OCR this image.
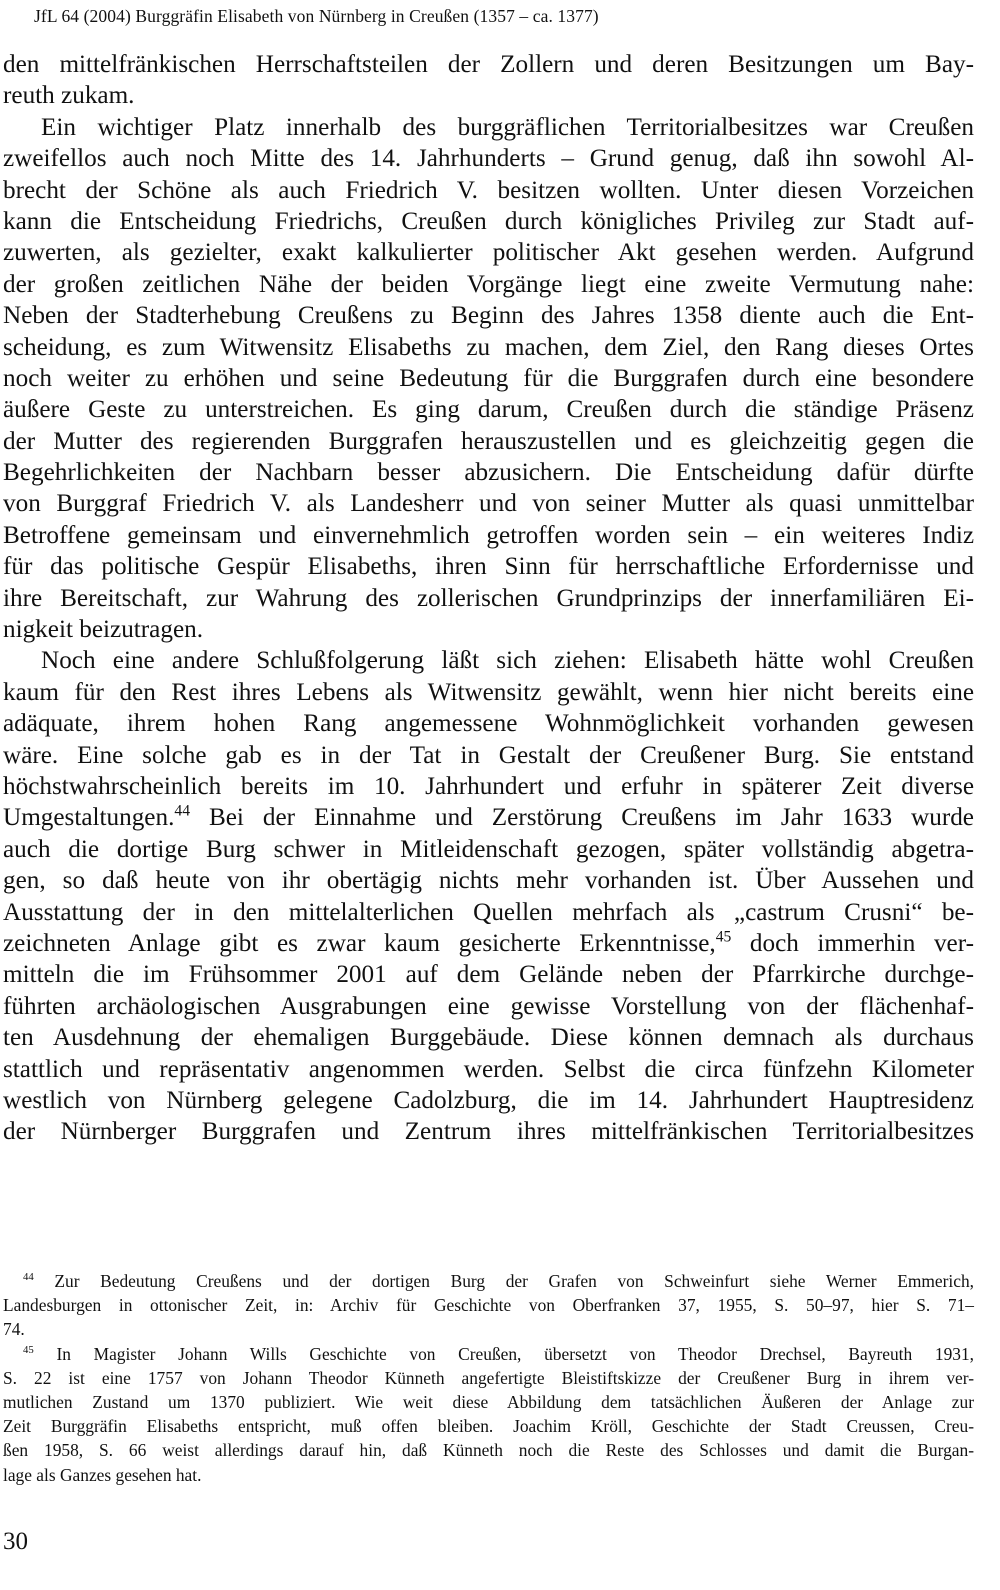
JfL 64 (2004) Burggräfin Elisabeth von Nürnberg in Creußen (1357 – ca. 1377)
den mittelfränkischen Herrschaftsteilen der Zollern und deren Besitzungen um Bay-
reuth zukam.
Ein wichtiger Platz innerhalb des burggräflichen Territorialbesitzes war Creußen
zweifellos auch noch Mitte des 14. Jahrhunderts – Grund genug, daß ihn sowohl Al-
brecht der Schöne als auch Friedrich V. besitzen wollten. Unter diesen Vorzeichen
kann die Entscheidung Friedrichs, Creußen durch königliches Privileg zur Stadt auf-
zuwerten, als gezielter, exakt kalkulierter politischer Akt gesehen werden. Aufgrund
der großen zeitlichen Nähe der beiden Vorgänge liegt eine zweite Vermutung nahe:
Neben der Stadterhebung Creußens zu Beginn des Jahres 1358 diente auch die Ent-
scheidung, es zum Witwensitz Elisabeths zu machen, dem Ziel, den Rang dieses Ortes
noch weiter zu erhöhen und seine Bedeutung für die Burggrafen durch eine besondere
äußere Geste zu unterstreichen. Es ging darum, Creußen durch die ständige Präsenz
der Mutter des regierenden Burggrafen herauszustellen und es gleichzeitig gegen die
Begehrlichkeiten der Nachbarn besser abzusichern. Die Entscheidung dafür dürfte
von Burggraf Friedrich V. als Landesherr und von seiner Mutter als quasi unmittelbar
Betroffene gemeinsam und einvernehmlich getroffen worden sein – ein weiteres Indiz
für das politische Gespür Elisabeths, ihren Sinn für herrschaftliche Erfordernisse und
ihre Bereitschaft, zur Wahrung des zollerischen Grundprinzips der innerfamiliären Ei-
nigkeit beizutragen.
Noch eine andere Schlußfolgerung läßt sich ziehen: Elisabeth hätte wohl Creußen
kaum für den Rest ihres Lebens als Witwensitz gewählt, wenn hier nicht bereits eine
adäquate, ihrem hohen Rang angemessene Wohnmöglichkeit vorhanden gewesen
wäre. Eine solche gab es in der Tat in Gestalt der Creußener Burg. Sie entstand
höchstwahrscheinlich bereits im 10. Jahrhundert und erfuhr in späterer Zeit diverse
Umgestaltungen.$^{44}$ Bei der Einnahme und Zerstörung Creußens im Jahr 1633 wurde
auch die dortige Burg schwer in Mitleidenschaft gezogen, später vollständig abgetra-
gen, so daß heute von ihr obertägig nichts mehr vorhanden ist. Über Aussehen und
Ausstattung der in den mittelalterlichen Quellen mehrfach als „castrum Crusni“ be-
zeichneten Anlage gibt es zwar kaum gesicherte Erkenntnisse,$^{45}$ doch immerhin ver-
mitteln die im Frühsommer 2001 auf dem Gelände neben der Pfarrkirche durchge-
führten archäologischen Ausgrabungen eine gewisse Vorstellung von der flächenhaf-
ten Ausdehnung der ehemaligen Burggebäude. Diese können demnach als durchaus
stattlich und repräsentativ angenommen werden. Selbst die circa fünfzehn Kilometer
westlich von Nürnberg gelegene Cadolzburg, die im 14. Jahrhundert Hauptresidenz
der Nürnberger Burggrafen und Zentrum ihres mittelfränkischen Territorialbesitzes
$^{44}$ Zur Bedeutung Creußens und der dortigen Burg der Grafen von Schweinfurt siehe Werner Emmerich,
Landesburgen in ottonischer Zeit, in: Archiv für Geschichte von Oberfranken 37, 1955, S. 50–97, hier S. 71–
74.
$^{45}$ In Magister Johann Wills Geschichte von Creußen, übersetzt von Theodor Drechsel, Bayreuth 1931,
S. 22 ist eine 1757 von Johann Theodor Künneth angefertigte Bleistiftskizze der Creußener Burg in ihrem ver-
mutlichen Zustand um 1370 publiziert. Wie weit diese Abbildung dem tatsächlichen Äußeren der Anlage zur
Zeit Burggräfin Elisabeths entspricht, muß offen bleiben. Joachim Kröll, Geschichte der Stadt Creussen, Creu-
ßen 1958, S. 66 weist allerdings darauf hin, daß Künneth noch die Reste des Schlosses und damit die Burgan-
lage als Ganzes gesehen hat.
30
